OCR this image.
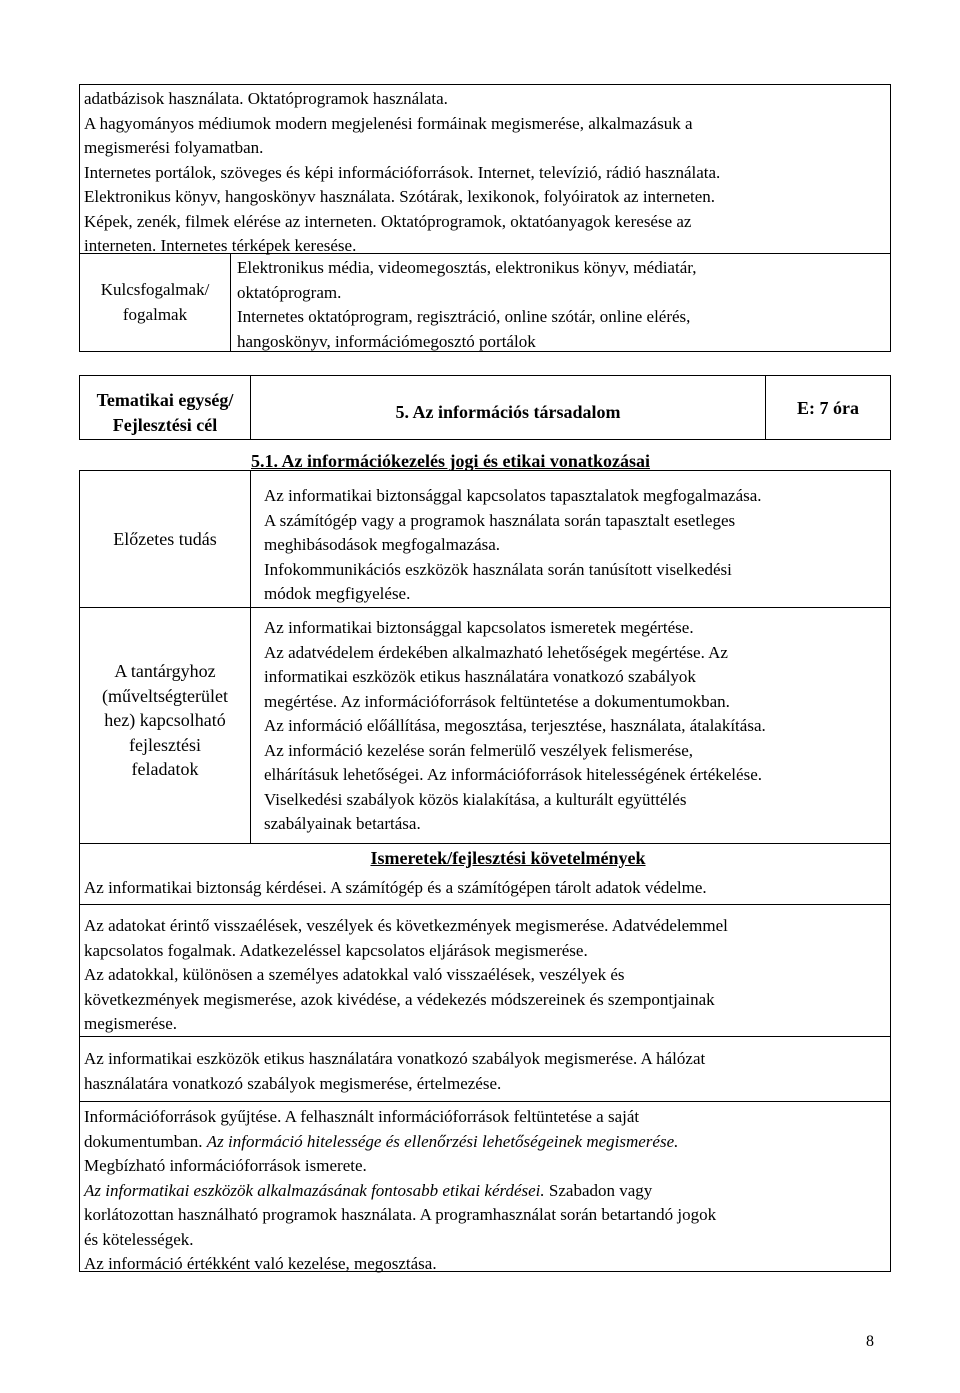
adatbázisok használata. Oktatóprogramok használata.
A hagyományos médiumok modern megjelenési formáinak megismerése, alkalmazásuk a
megismerési folyamatban.
Internetes portálok, szöveges és képi információforrások. Internet, televízió, rádió használata.
Elektronikus könyv, hangoskönyv használata. Szótárak, lexikonok, folyóiratok az interneten.
Képek, zenék, filmek elérése az interneten. Oktatóprogramok, oktatóanyagok keresése az
interneten. Internetes térképek keresése.
Kulcsfogalmak/
fogalmak
Elektronikus média, videomegosztás, elektronikus könyv, médiatár,
oktatóprogram.
Internetes oktatóprogram, regisztráció, online szótár, online elérés,
hangoskönyv, információmegosztó portálok
Tematikai egység/
Fejlesztési cél
5. Az információs társadalom	E: 7 óra
5.1. Az információkezelés jogi és etikai vonatkozásai
Előzetes tudás
Az informatikai biztonsággal kapcsolatos tapasztalatok megfogalmazása.
A számítógép vagy a programok használata során tapasztalt esetleges
meghibásodások megfogalmazása.
Infokommunikációs eszközök használata során tanúsított viselkedési
módok megfigyelése.
A tantárgyhoz
(műveltségterület
hez) kapcsolható
fejlesztési
feladatok
Az informatikai biztonsággal kapcsolatos ismeretek megértése.
Az adatvédelem érdekében alkalmazható lehetőségek megértése. Az
informatikai eszközök etikus használatára vonatkozó szabályok
megértése. Az információforrások feltüntetése a dokumentumokban.
Az információ előállítása, megosztása, terjesztése, használata, átalakítása.
Az információ kezelése során felmerülő veszélyek felismerése,
elhárításuk lehetőségei. Az információforrások hitelességének értékelése.
Viselkedési szabályok közös kialakítása, a kulturált együttélés
szabályainak betartása.
Ismeretek/fejlesztési követelmények
Az informatikai biztonság kérdései. A számítógép és a számítógépen tárolt adatok védelme.
Az adatokat érintő visszaélések, veszélyek és következmények megismerése. Adatvédelemmel
kapcsolatos fogalmak. Adatkezeléssel kapcsolatos eljárások megismerése.
Az adatokkal, különösen a személyes adatokkal való visszaélések, veszélyek és
következmények megismerése, azok kivédése, a védekezés módszereinek és szempontjainak
megismerése.
Az informatikai eszközök etikus használatára vonatkozó szabályok megismerése. A hálózat
használatára vonatkozó szabályok megismerése, értelmezése.
Információforrások gyűjtése. A felhasznált információforrások feltüntetése a saját
dokumentumban. Az információ hitelessége és ellenőrzési lehetőségeinek megismerése.
Megbízható információforrások ismerete.
Az informatikai eszközök alkalmazásának fontosabb etikai kérdései. Szabadon vagy
korlátozottan használható programok használata. A programhasználat során betartandó jogok
és kötelességek.
Az információ értékként való kezelése, megosztása.
8
